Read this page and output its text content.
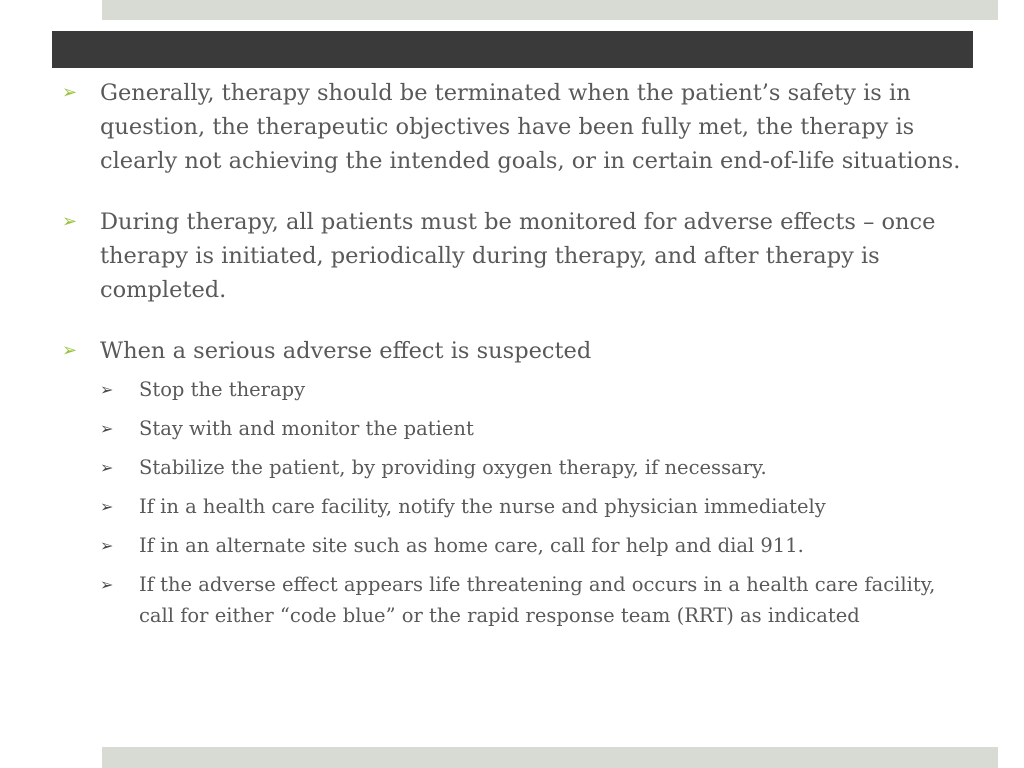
➢ Generally, therapy should be terminated when the patient’s safety is in question, the therapeutic objectives have been fully met, the therapy is clearly not achieving the intended goals, or in certain end-of-life situations.
➢ During therapy, all patients must be monitored for adverse effects – once therapy is initiated, periodically during therapy, and after therapy is completed.
➢ When a serious adverse effect is suspected
➢ Stop the therapy
➢ Stay with and monitor the patient
➢ Stabilize the patient, by providing oxygen therapy, if necessary.
➢ If in a health care facility, notify the nurse and physician immediately
➢ If in an alternate site such as home care, call for help and dial 911.
➢ If the adverse effect appears life threatening and occurs in a health care facility, call for either “code blue” or the rapid response team (RRT) as indicated
